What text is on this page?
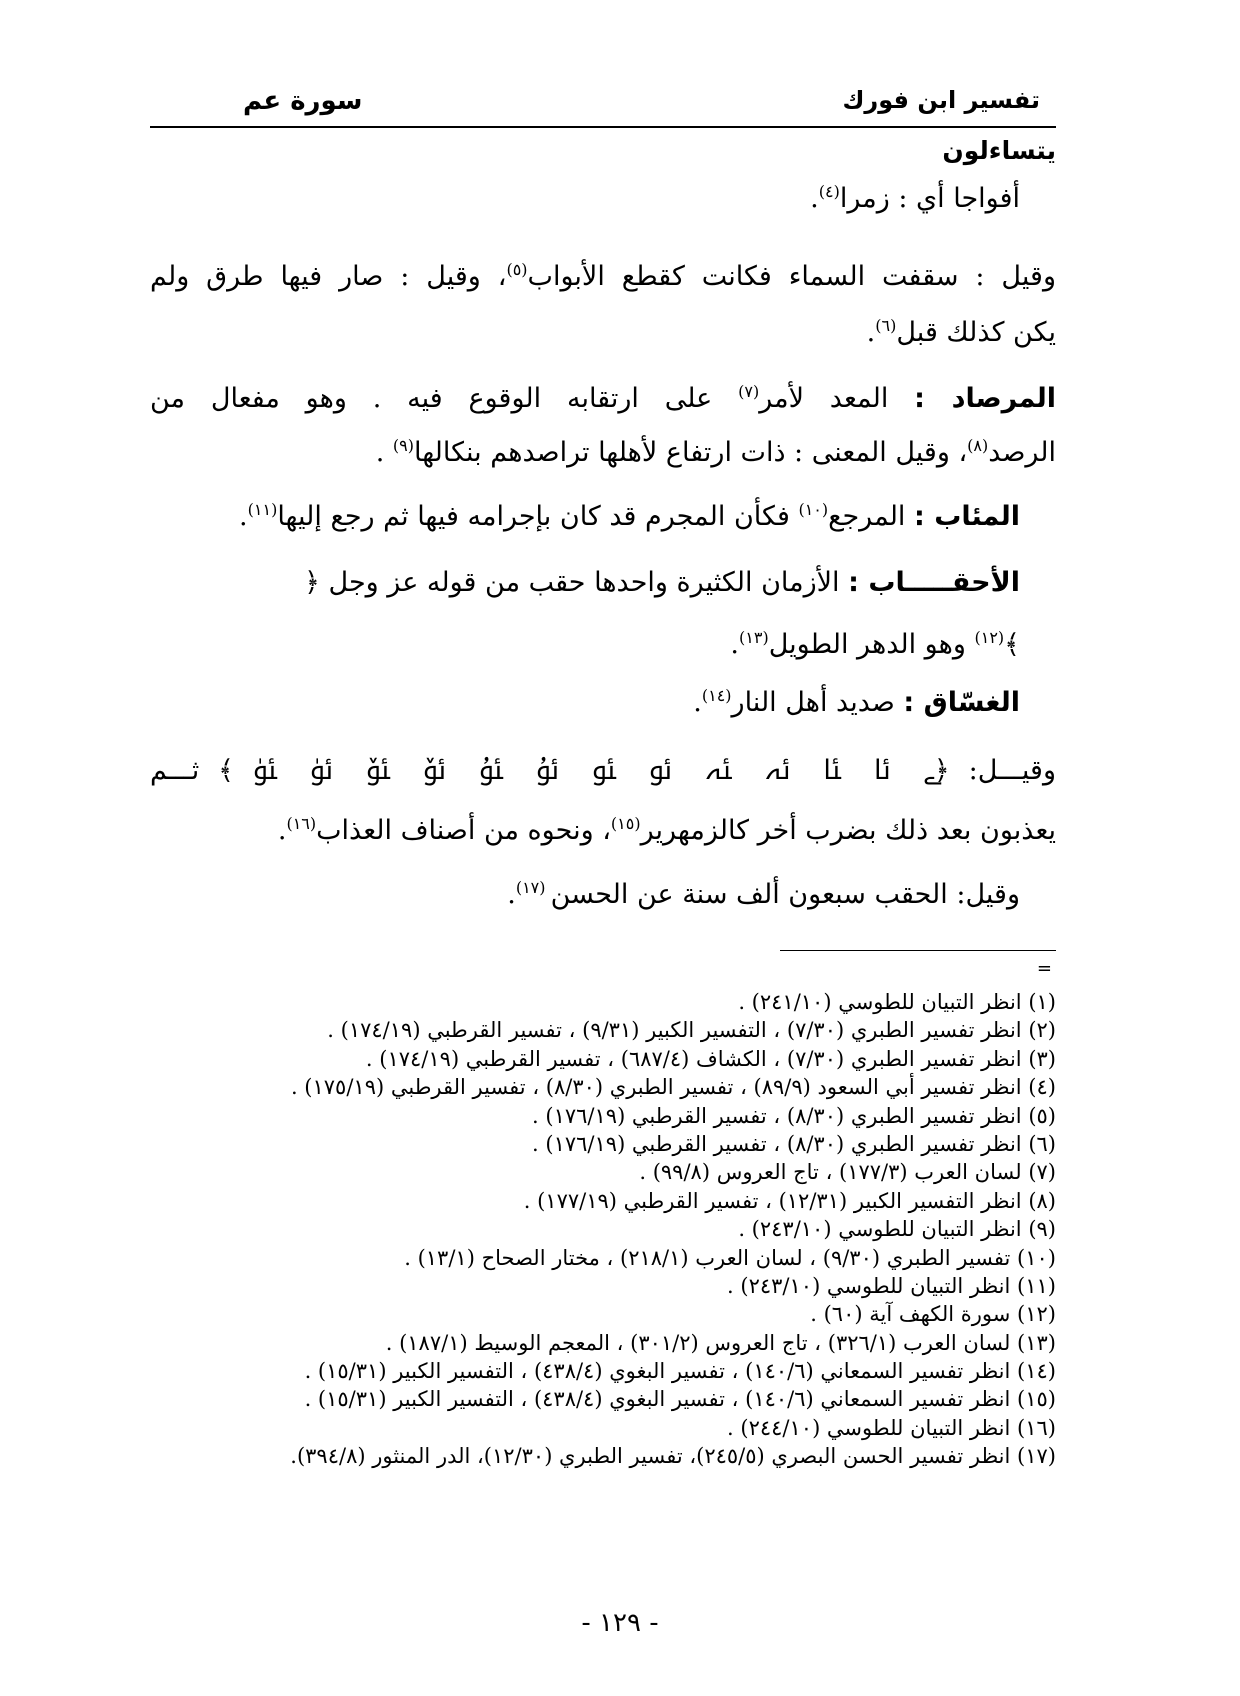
تفسير ابن فورك
سورة عم
يتساءلون
أفواجا أي : زمرا$^{(٤)}$.
وقيل : سقفت السماء فكانت كقطع الأبواب$^{(٥)}$، وقيل : صار فيها طرق ولم
يكن كذلك قبل$^{(٦)}$.
المرصاد : المعد لأمر$^{(٧)}$ على ارتقابه الوقوع فيه . وهو مفعال من
الرصد$^{(٨)}$، وقيل المعنى : ذات ارتفاع لأهلها تراصدهم بنكالها$^{(٩)}$ .
المئاب : المرجع$^{(١٠)}$ فكأن المجرم قد كان بإجرامه فيها ثم رجع إليها$^{(١١)}$.
الأحقـــــاب : الأزمان الكثيرة واحدها حقب من قوله عز وجل ﴿
﴾$^{(١٢)}$ وهو الدهر الطويل$^{(١٣)}$.
الغسّاق : صديد أهل النار$^{(١٤)}$.
وقيـــل: ﴿ﮯ ﯪ ﯫ ﯬ ﯭ ﯮ ﯯ ﯰ ﯱ ﯲ ﯳ ﯴ ﯵ ﴾ ثـــم
يعذبون بعد ذلك بضرب أخر كالزمهرير$^{(١٥)}$، ونحوه من أصناف العذاب$^{(١٦)}$.
وقيل: الحقب سبعون ألف سنة عن الحسن $^{(١٧)}$.
=
(١) انظر التبيان للطوسي (٢٤١/١٠) .
(٢) انظر تفسير الطبري (٧/٣٠) ، التفسير الكبير (٩/٣١) ، تفسير القرطبي (١٧٤/١٩) .
(٣) انظر تفسير الطبري (٧/٣٠) ، الكشاف (٦٨٧/٤) ، تفسير القرطبي (١٧٤/١٩) .
(٤) انظر تفسير أبي السعود (٨٩/٩) ، تفسير الطبري (٨/٣٠) ، تفسير القرطبي (١٧٥/١٩) .
(٥) انظر تفسير الطبري (٨/٣٠) ، تفسير القرطبي (١٧٦/١٩) .
(٦) انظر تفسير الطبري (٨/٣٠) ، تفسير القرطبي (١٧٦/١٩) .
(٧) لسان العرب (١٧٧/٣) ، تاج العروس (٩٩/٨) .
(٨) انظر التفسير الكبير (١٢/٣١) ، تفسير القرطبي (١٧٧/١٩) .
(٩) انظر التبيان للطوسي (٢٤٣/١٠) .
(١٠) تفسير الطبري (٩/٣٠) ، لسان العرب (٢١٨/١) ، مختار الصحاح (١٣/١) .
(١١) انظر التبيان للطوسي (٢٤٣/١٠) .
(١٢) سورة الكهف آية (٦٠) .
(١٣) لسان العرب (٣٢٦/١) ، تاج العروس (٣٠١/٢) ، المعجم الوسيط (١٨٧/١) .
(١٤) انظر تفسير السمعاني (١٤٠/٦) ، تفسير البغوي (٤٣٨/٤) ، التفسير الكبير (١٥/٣١) .
(١٥) انظر تفسير السمعاني (١٤٠/٦) ، تفسير البغوي (٤٣٨/٤) ، التفسير الكبير (١٥/٣١) .
(١٦) انظر التبيان للطوسي (٢٤٤/١٠) .
(١٧) انظر تفسير الحسن البصري (٢٤٥/٥)، تفسير الطبري (١٢/٣٠)، الدر المنثور (٣٩٤/٨).
- ١٢٩ -
